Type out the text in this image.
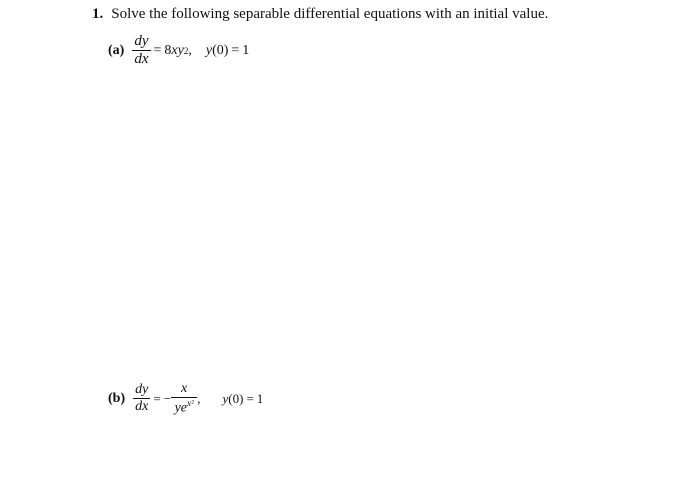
1. Solve the following separable differential equations with an initial value.
$(a) \frac{dy}{dx} = 8$ xy 2 , y(0) = 1
$(b) \frac{dy}{dx}$ = − $\frac{x}{ye^{x^2}}$ , y(0) = 1
